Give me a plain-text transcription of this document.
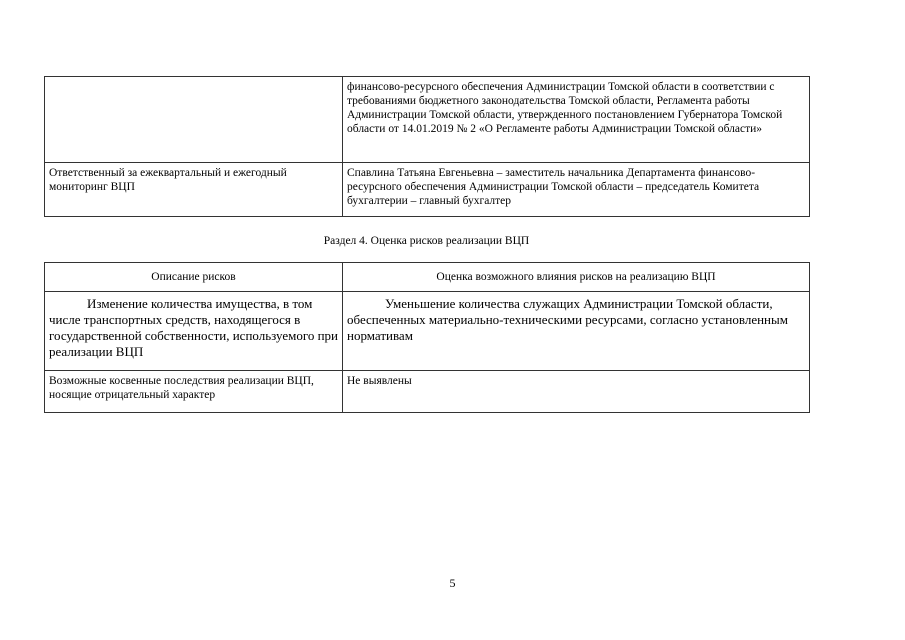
	финансово-ресурсного обеспечения Администрации Томской области в соответствии с требованиями бюджетного законодательства Томской области, Регламента работы Администрации Томской области, утвержденного постановлением Губернатора Томской области от 14.01.2019 № 2 «О Регламенте работы Администрации Томской области»
Ответственный за ежеквартальный и ежегодный мониторинг ВЦП	Спавлина Татьяна Евгеньевна – заместитель начальника Департамента финансово-ресурсного обеспечения Администрации Томской области – председатель Комитета бухгалтерии – главный бухгалтер
Раздел 4. Оценка рисков реализации ВЦП
Описание рисков	Оценка возможного влияния рисков на реализацию ВЦП
Изменение количества имущества, в том числе транспортных средств, находящегося в государственной собственности, используемого при реализации ВЦП	Уменьшение количества служащих Администрации Томской области, обеспеченных материально-техническими ресурсами, согласно установленным нормативам
Возможные косвенные последствия реализации ВЦП, носящие отрицательный характер	Не выявлены
5
